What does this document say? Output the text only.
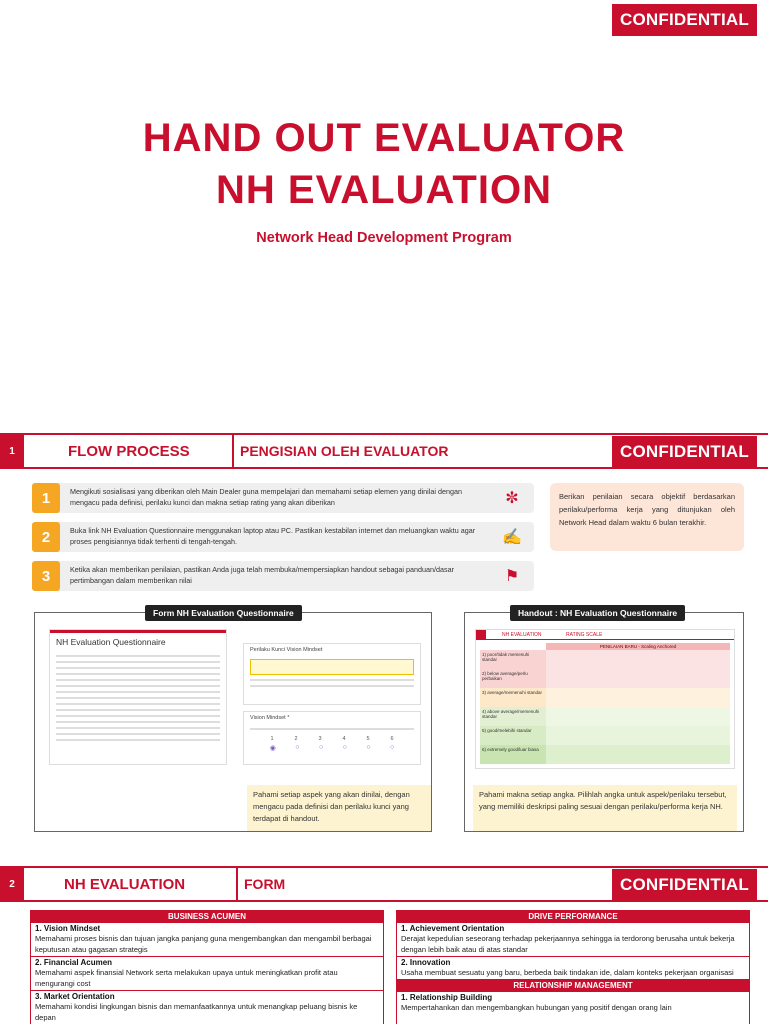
CONFIDENTIAL
HAND OUT EVALUATOR
NH EVALUATION
Network Head Development Program
1	FLOW PROCESS	PENGISIAN OLEH EVALUATOR	CONFIDENTIAL
1	Mengikuti sosialisasi yang diberikan oleh Main Dealer guna mempelajari dan memahami setiap elemen yang dinilai dengan mengacu pada definisi, perilaku kunci dan makna setiap rating yang akan diberikan	✼
2	Buka link NH Evaluation Questionnaire menggunakan laptop atau PC. Pastikan kestabilan internet dan meluangkan waktu agar proses pengisiannya tidak terhenti di tengah-tengah.	✍
3	Ketika akan memberikan penilaian, pastikan Anda juga telah membuka/mempersiapkan handout sebagai panduan/dasar pertimbangan dalam memberikan nilai	⚑
Berikan penilaian secara objektif berdasarkan perilaku/performa kerja yang ditunjukan oleh Network Head dalam waktu 6 bulan terakhir.
Form NH Evaluation Questionnaire
NH Evaluation Questionnaire
Perilaku Kunci Vision Mindset
Vision Mindset *
1	2	3	4	5	6
◉	○	○	○	○	○
Pahami setiap aspek yang akan dinilai, dengan mengacu pada definisi dan perilaku kunci yang terdapat di handout.
Handout : NH Evaluation Questionnaire
NH EVALUATION	RATING SCALE
PENILAIAN BARU - Scaling Anchored
1) poor/tidak memenuhi standar
2) below average/perlu perbaikan
3) average/memenuhi standar
4) above average/memenuhi standar
5) good/melebihi standar
6) extremely good/luar biasa
Pahami makna setiap angka. Pilihlah angka untuk aspek/perilaku tersebut, yang memiliki deskripsi paling sesuai dengan perilaku/performa kerja NH.
2	NH EVALUATION	FORM	CONFIDENTIAL
BUSINESS ACUMEN
1. Vision Mindset
Memahami proses bisnis dan tujuan jangka panjang guna mengembangkan dan mengambil berbagai keputusan atau gagasan strategis
2. Financial Acumen
Memahami aspek finansial Network serta melakukan upaya untuk meningkatkan profit atau mengurangi cost
3. Market Orientation
Memahami kondisi lingkungan bisnis dan memanfaatkannya untuk menangkap peluang bisnis ke depan
DRIVE PERFORMANCE
1. Achievement Orientation
Derajat kepedulian seseorang terhadap pekerjaannya sehingga ia terdorong berusaha untuk bekerja dengan lebih baik atau di atas standar
2. Innovation
Usaha membuat sesuatu yang baru, berbeda baik tindakan ide, dalam konteks pekerjaan organisasi
RELATIONSHIP MANAGEMENT
1. Relationship Building
Mempertahankan dan mengembangkan hubungan yang positif dengan orang lain
